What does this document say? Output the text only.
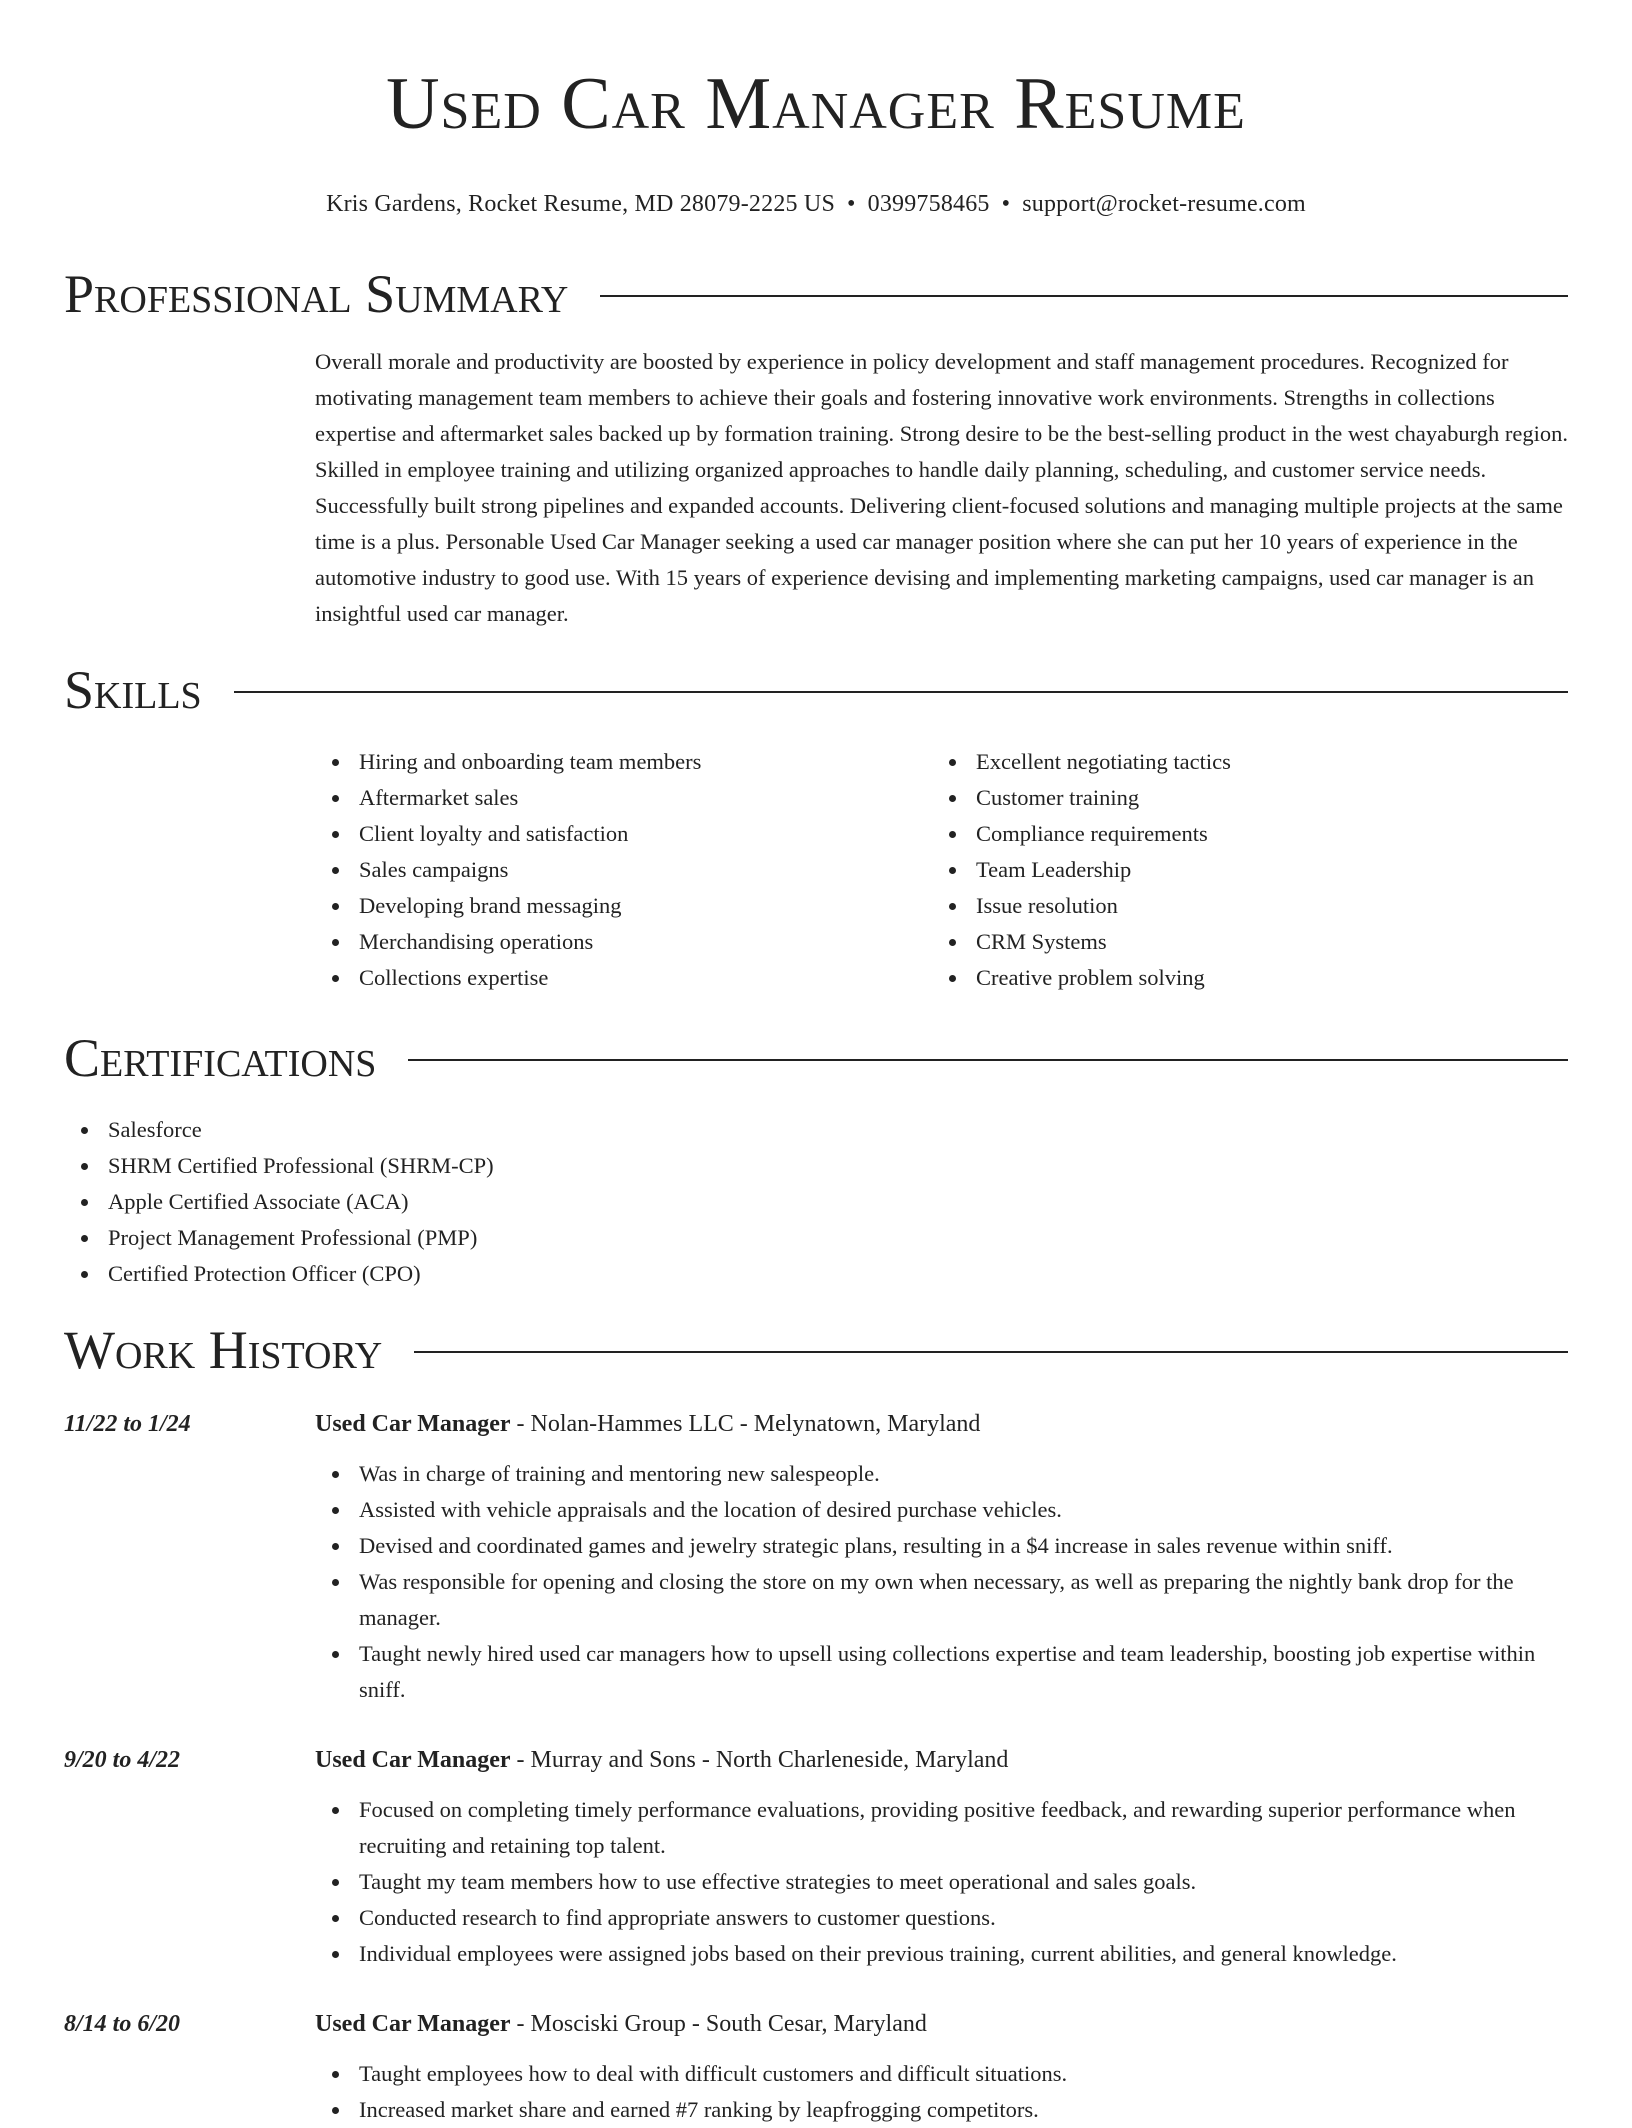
Used Car Manager Resume
Kris Gardens, Rocket Resume, MD 28079-2225 US • 0399758465 • support@rocket-resume.com
Professional Summary

Overall morale and productivity are boosted by experience in policy development and staff management procedures. Recognized for motivating management team members to achieve their goals and fostering innovative work environments. Strengths in collections expertise and aftermarket sales backed up by formation training. Strong desire to be the best-selling product in the west chayaburgh region. Skilled in employee training and utilizing organized approaches to handle daily planning, scheduling, and customer service needs. Successfully built strong pipelines and expanded accounts. Delivering client-focused solutions and managing multiple projects at the same time is a plus. Personable Used Car Manager seeking a used car manager position where she can put her 10 years of experience in the automotive industry to good use. With 15 years of experience devising and implementing marketing campaigns, used car manager is an insightful used car manager.

Skills
Hiring and onboarding team members
Aftermarket sales
Client loyalty and satisfaction
Sales campaigns
Developing brand messaging
Merchandising operations
Collections expertise
Excellent negotiating tactics
Customer training
Compliance requirements
Team Leadership
Issue resolution
CRM Systems
Creative problem solving
Certifications
Salesforce
SHRM Certified Professional (SHRM-CP)
Apple Certified Associate (ACA)
Project Management Professional (PMP)
Certified Protection Officer (CPO)
Work History
11/22 to 1/24	Used Car Manager - Nolan-Hammes LLC - Melynatown, Maryland
Was in charge of training and mentoring new salespeople.
Assisted with vehicle appraisals and the location of desired purchase vehicles.
Devised and coordinated games and jewelry strategic plans, resulting in a $4 increase in sales revenue within sniff.
Was responsible for opening and closing the store on my own when necessary, as well as preparing the nightly bank drop for the manager.
Taught newly hired used car managers how to upsell using collections expertise and team leadership, boosting job expertise within sniff.
9/20 to 4/22	Used Car Manager - Murray and Sons - North Charleneside, Maryland
Focused on completing timely performance evaluations, providing positive feedback, and rewarding superior performance when recruiting and retaining top talent.
Taught my team members how to use effective strategies to meet operational and sales goals.
Conducted research to find appropriate answers to customer questions.
Individual employees were assigned jobs based on their previous training, current abilities, and general knowledge.
8/14 to 6/20	Used Car Manager - Mosciski Group - South Cesar, Maryland
Taught employees how to deal with difficult customers and difficult situations.
Increased market share and earned #7 ranking by leapfrogging competitors.
